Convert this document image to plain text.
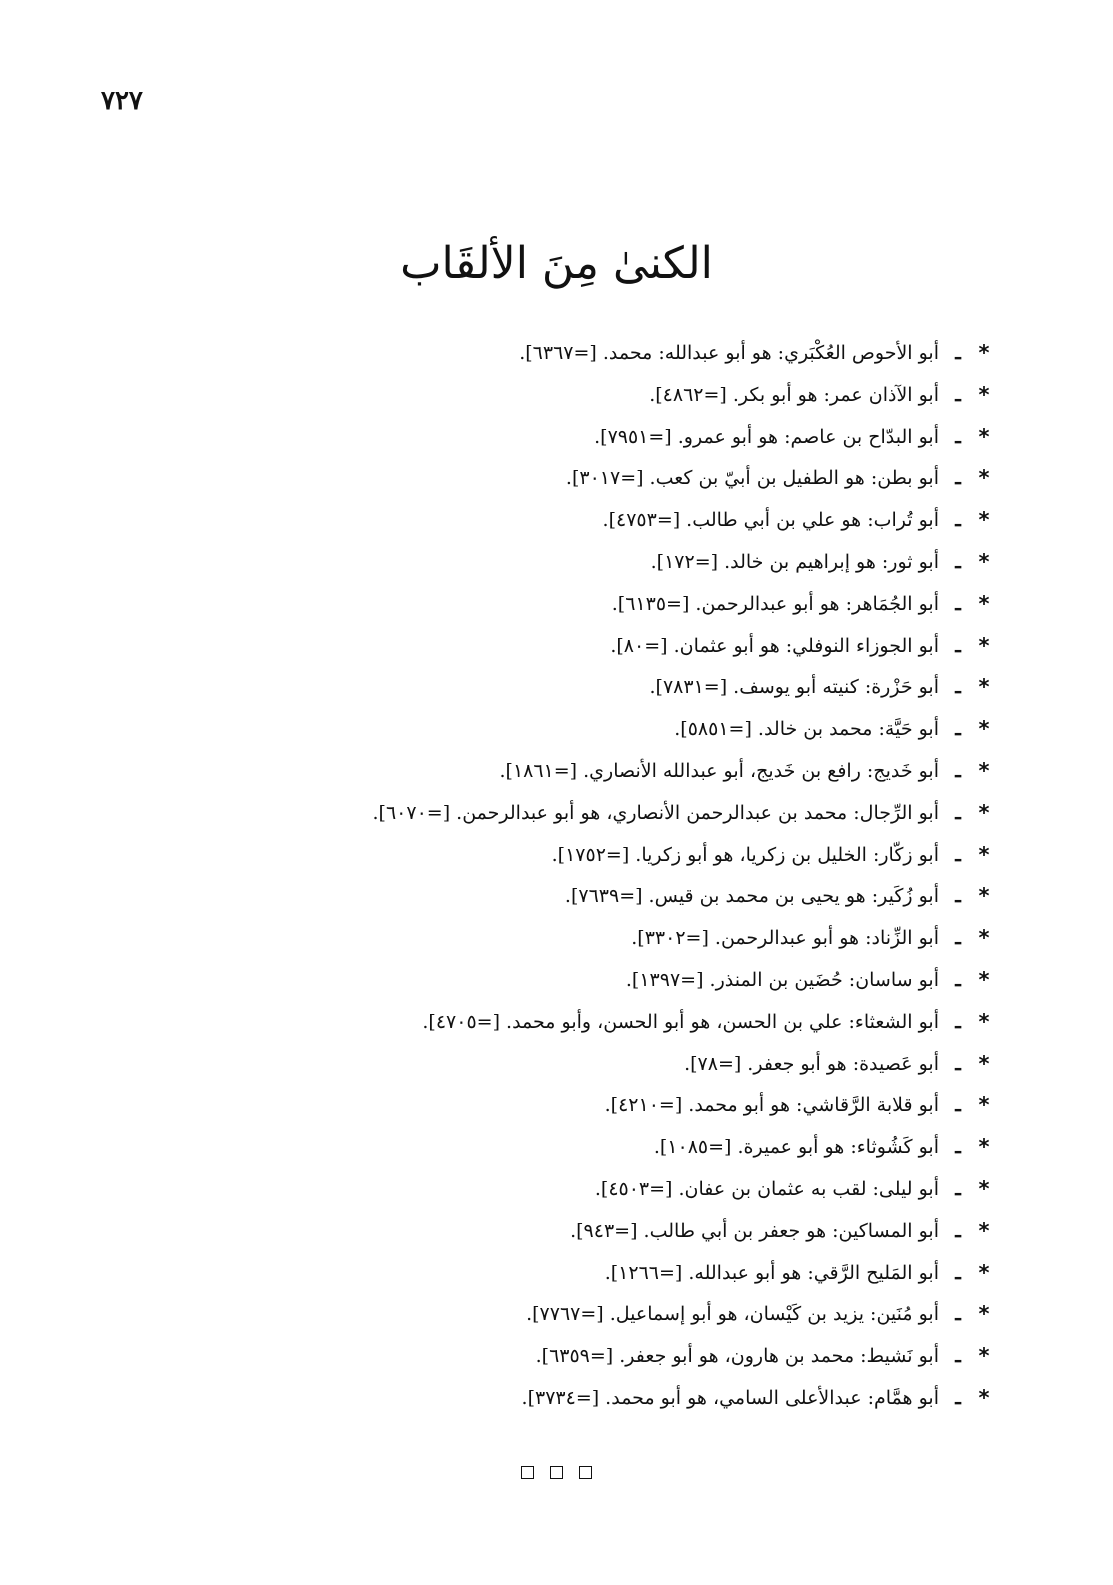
٧٢٧
الكنىٰ مِنَ الألقَاب
*
ـ
أبو الأحوص العُكْبَري: هو أبو عبدالله: محمد. [=٦٣٦٧].
*
ـ
أبو الآذان عمر: هو أبو بكر. [=٤٨٦٢].
*
ـ
أبو البدّاح بن عاصم: هو أبو عمرو. [=٧٩٥١].
*
ـ
أبو بطن: هو الطفيل بن أبيّ بن كعب. [=٣٠١٧].
*
ـ
أبو تُراب: هو علي بن أبي طالب. [=٤٧٥٣].
*
ـ
أبو ثور: هو إبراهيم بن خالد. [=١٧٢].
*
ـ
أبو الجُمَاهر: هو أبو عبدالرحمن. [=٦١٣٥].
*
ـ
أبو الجوزاء النوفلي: هو أبو عثمان. [=٨٠].
*
ـ
أبو حَزْرة: كنيته أبو يوسف. [=٧٨٣١].
*
ـ
أبو حَيَّة: محمد بن خالد. [=٥٨٥١].
*
ـ
أبو خَديج: رافع بن خَديج، أبو عبدالله الأنصاري. [=١٨٦١].
*
ـ
أبو الرِّجال: محمد بن عبدالرحمن الأنصاري، هو أبو عبدالرحمن. [=٦٠٧٠].
*
ـ
أبو زكّار: الخليل بن زكريا، هو أبو زكريا. [=١٧٥٢].
*
ـ
أبو زُكَير: هو يحيى بن محمد بن قيس. [=٧٦٣٩].
*
ـ
أبو الزِّناد: هو أبو عبدالرحمن. [=٣٣٠٢].
*
ـ
أبو ساسان: حُضَين بن المنذر. [=١٣٩٧].
*
ـ
أبو الشعثاء: علي بن الحسن، هو أبو الحسن، وأبو محمد. [=٤٧٠٥].
*
ـ
أبو عَصيدة: هو أبو جعفر. [=٧٨].
*
ـ
أبو قلابة الرَّقاشي: هو أبو محمد. [=٤٢١٠].
*
ـ
أبو كَشُوثاء: هو أبو عميرة. [=١٠٨٥].
*
ـ
أبو ليلى: لقب به عثمان بن عفان. [=٤٥٠٣].
*
ـ
أبو المساكين: هو جعفر بن أبي طالب. [=٩٤٣].
*
ـ
أبو المَليح الرَّقي: هو أبو عبدالله. [=١٢٦٦].
*
ـ
أبو مُنَين: يزيد بن كَيْسان، هو أبو إسماعيل. [=٧٧٦٧].
*
ـ
أبو نَشيط: محمد بن هارون، هو أبو جعفر. [=٦٣٥٩].
*
ـ
أبو همَّام: عبدالأعلى السامي، هو أبو محمد. [=٣٧٣٤].
